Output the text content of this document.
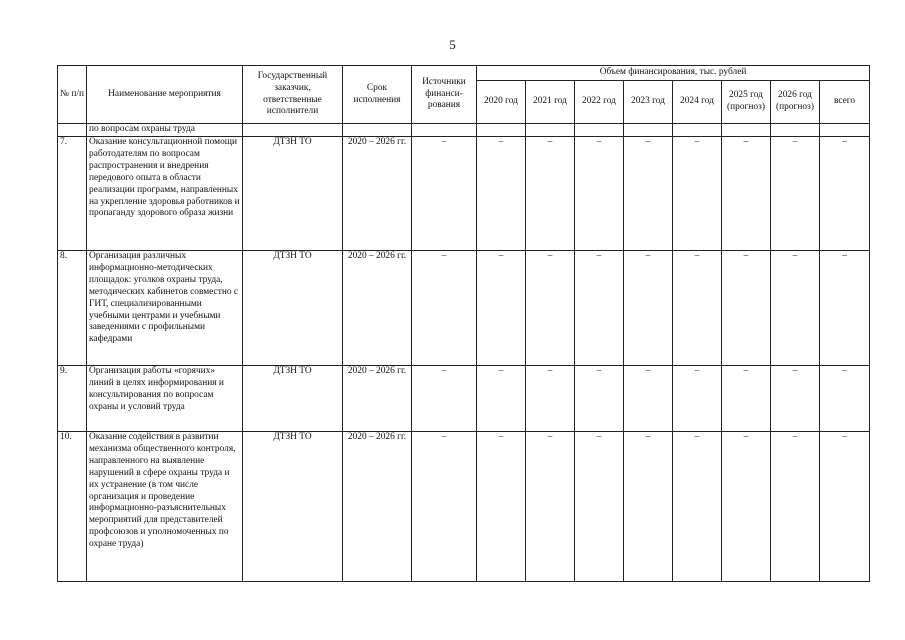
5
№ п/п	Наименование мероприятия	Государственный заказчик, ответственные исполнители	Срок исполнения	Источники финанси-рования	Объем финансирования, тыс. рублей							
					2020 год	2021 год	2022 год	2023 год	2024 год	2025 год (прогноз)	2026 год (прогноз)	всего
	по вопросам охраны труда											
7.	Оказание консультационной помощи работодателям по вопросам распространения и внедрения передового опыта в области реализации программ, направленных на укрепление здоровья работников и пропаганду здорового образа жизни	ДТЗН ТО	2020 – 2026 гг.	–	–	–	–	–	–	–	–	–
8.	Организация различных информационно-методических площадок: уголков охраны труда, методических кабинетов совместно с ГИТ, специализированными учебными центрами и учебными заведениями с профильными кафедрами	ДТЗН ТО	2020 – 2026 гг.	–	–	–	–	–	–	–	–	–
9.	Организация работы «горячих» линий в целях информирования и консультирования по вопросам охраны и условий труда	ДТЗН ТО	2020 – 2026 гг.	–	–	–	–	–	–	–	–	–
10.	Оказание содействия в развитии механизма общественного контроля, направленного на выявление нарушений в сфере охраны труда и их устранение (в том числе организация и проведение информационно-разъяснительных мероприятий для представителей профсоюзов и уполномоченных по охране труда)	ДТЗН ТО	2020 – 2026 гг.	–	–	–	–	–	–	–	–	–
